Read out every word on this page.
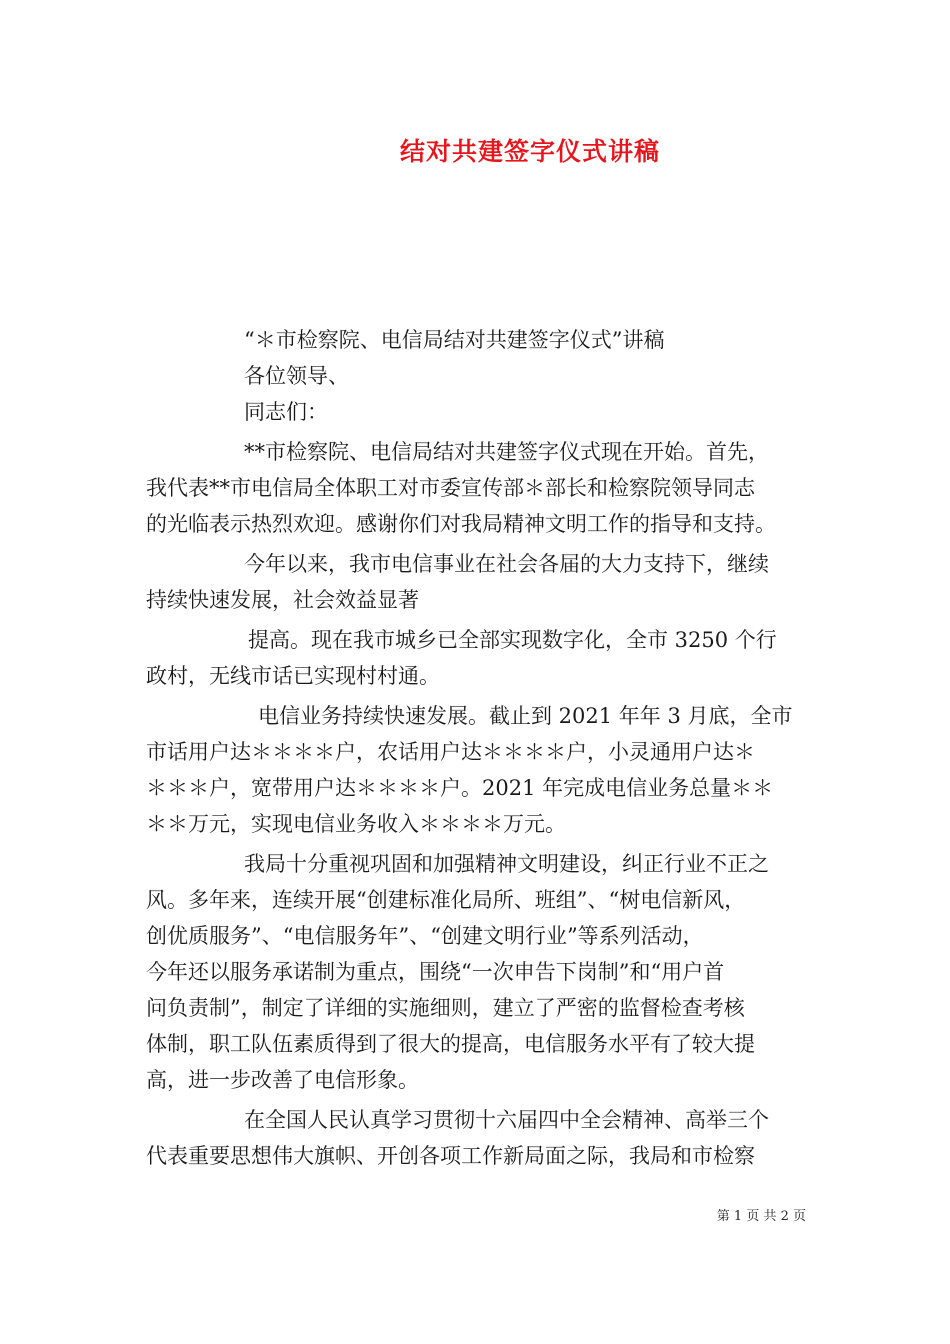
结对共建签字仪式讲稿
“＊市检察院、电信局结对共建签字仪式”讲稿
各位领导、
同志们：
**市检察院、电信局结对共建签字仪式现在开始。首先，
我代表**市电信局全体职工对市委宣传部＊部长和检察院领导同志
的光临表示热烈欢迎。感谢你们对我局精神文明工作的指导和支持。
今年以来，我市电信事业在社会各届的大力支持下，继续
持续快速发展，社会效益显著
提高。现在我市城乡已全部实现数字化，全市 3250 个行
政村，无线市话已实现村村通。
电信业务持续快速发展。截止到 2021 年年 3 月底，全市
市话用户达＊＊＊＊户，农话用户达＊＊＊＊户，小灵通用户达＊
＊＊＊户，宽带用户达＊＊＊＊户。2021 年完成电信业务总量＊＊
＊＊万元，实现电信业务收入＊＊＊＊万元。
我局十分重视巩固和加强精神文明建设，纠正行业不正之
风。多年来，连续开展“创建标准化局所、班组”、“树电信新风，
创优质服务”、“电信服务年”、“创建文明行业”等系列活动，
今年还以服务承诺制为重点，围绕“一次申告下岗制”和“用户首
问负责制”，制定了详细的实施细则，建立了严密的监督检查考核
体制，职工队伍素质得到了很大的提高，电信服务水平有了较大提
高，进一步改善了电信形象。
在全国人民认真学习贯彻十六届四中全会精神、高举三个
代表重要思想伟大旗帜、开创各项工作新局面之际，我局和市检察
第 1 页 共 2 页
